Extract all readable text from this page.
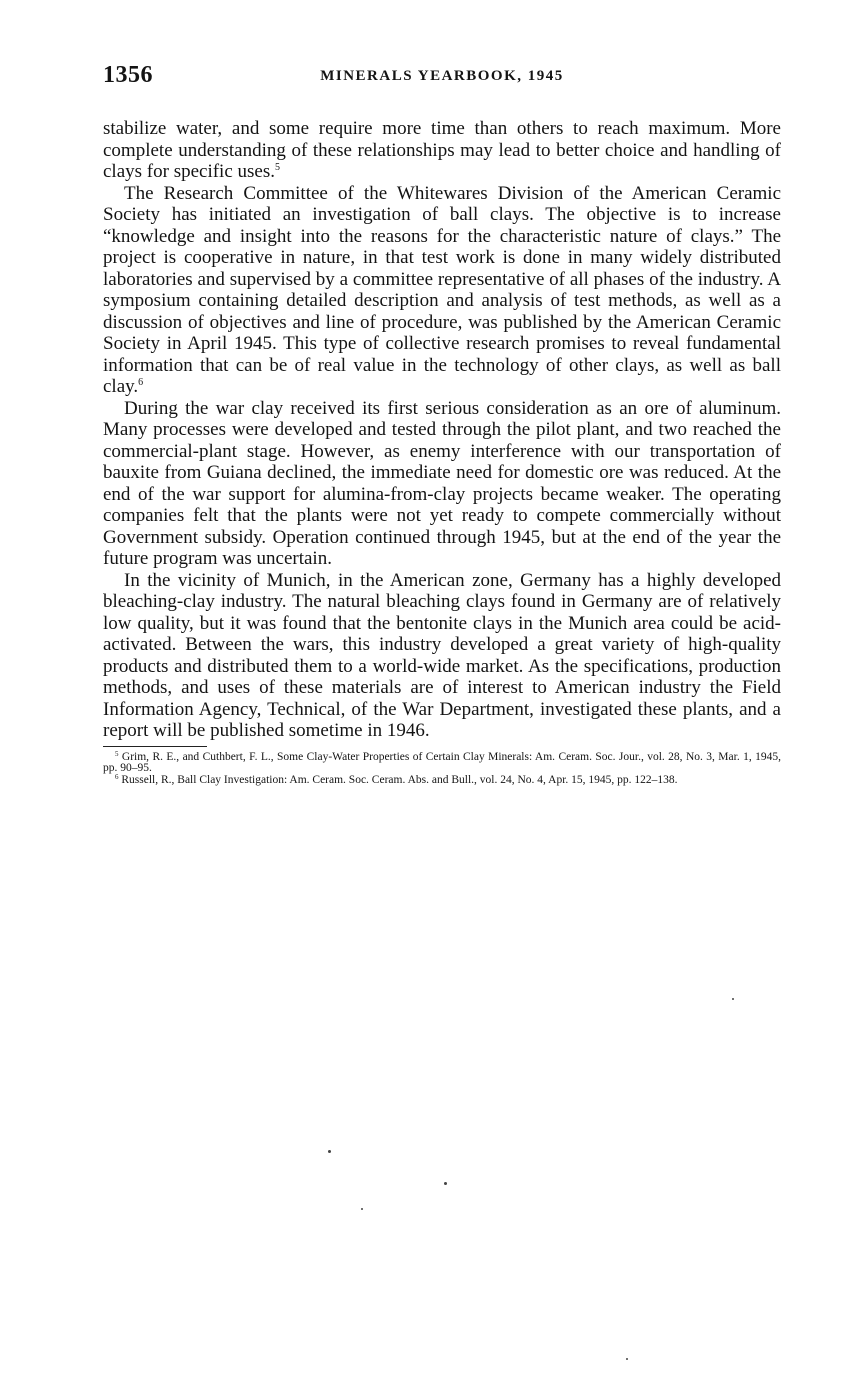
1356	MINERALS YEARBOOK, 1945

stabilize water, and some require more time than others to reach maximum. More complete understanding of these relationships may lead to better choice and handling of clays for specific uses.$^5$

The Research Committee of the Whitewares Division of the American Ceramic Society has initiated an investigation of ball clays. The objective is to increase “knowledge and insight into the reasons for the characteristic nature of clays.” The project is cooperative in nature, in that test work is done in many widely distributed laboratories and supervised by a committee representative of all phases of the industry. A symposium containing detailed description and analysis of test methods, as well as a discussion of objectives and line of procedure, was published by the American Ceramic Society in April 1945. This type of collective research promises to reveal fundamental information that can be of real value in the technology of other clays, as well as ball clay.$^6$

During the war clay received its first serious consideration as an ore of aluminum. Many processes were developed and tested through the pilot plant, and two reached the commercial-plant stage. However, as enemy interference with our transportation of bauxite from Guiana declined, the immediate need for domestic ore was reduced. At the end of the war support for alumina-from-clay projects became weaker. The operating companies felt that the plants were not yet ready to compete commercially without Government subsidy. Operation continued through 1945, but at the end of the year the future program was uncertain.

In the vicinity of Munich, in the American zone, Germany has a highly developed bleaching-clay industry. The natural bleaching clays found in Germany are of relatively low quality, but it was found that the bentonite clays in the Munich area could be acid-activated. Between the wars, this industry developed a great variety of high-quality products and distributed them to a world-wide market. As the specifications, production methods, and uses of these materials are of interest to American industry the Field Information Agency, Technical, of the War Department, investigated these plants, and a report will be published sometime in 1946.

$^5$ Grim, R. E., and Cuthbert, F. L., Some Clay-Water Properties of Certain Clay Minerals: Am. Ceram. Soc. Jour., vol. 28, No. 3, Mar. 1, 1945, pp. 90–95.

$^6$ Russell, R., Ball Clay Investigation: Am. Ceram. Soc. Ceram. Abs. and Bull., vol. 24, No. 4, Apr. 15, 1945, pp. 122–138.
